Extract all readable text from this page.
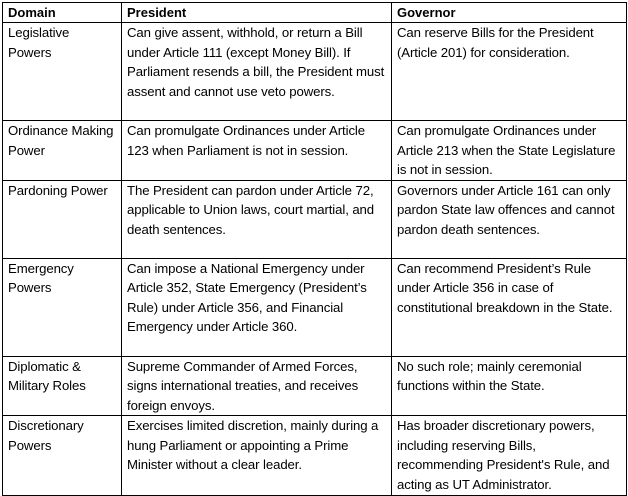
Domain	President	Governor
Legislative Powers	Can give assent, withhold, or return a Bill under Article 111 (except Money Bill). If Parliament resends a bill, the President must assent and cannot use veto powers.	Can reserve Bills for the President (Article 201) for consideration.
Ordinance Making Power	Can promulgate Ordinances under Article 123 when Parliament is not in session.	Can promulgate Ordinances under Article 213 when the State Legislature is not in session.
Pardoning Power	The President can pardon under Article 72, applicable to Union laws, court martial, and death sentences.	Governors under Article 161 can only pardon State law offences and cannot pardon death sentences.
Emergency Powers	Can impose a National Emergency under Article 352, State Emergency (President’s Rule) under Article 356, and Financial Emergency under Article 360.	Can recommend President’s Rule under Article 356 in case of constitutional breakdown in the State.
Diplomatic & Military Roles	Supreme Commander of Armed Forces, signs international treaties, and receives foreign envoys.	No such role; mainly ceremonial functions within the State.
Discretionary Powers	Exercises limited discretion, mainly during a hung Parliament or appointing a Prime Minister without a clear leader.	Has broader discretionary powers, including reserving Bills, recommending President's Rule, and acting as UT Administrator.
